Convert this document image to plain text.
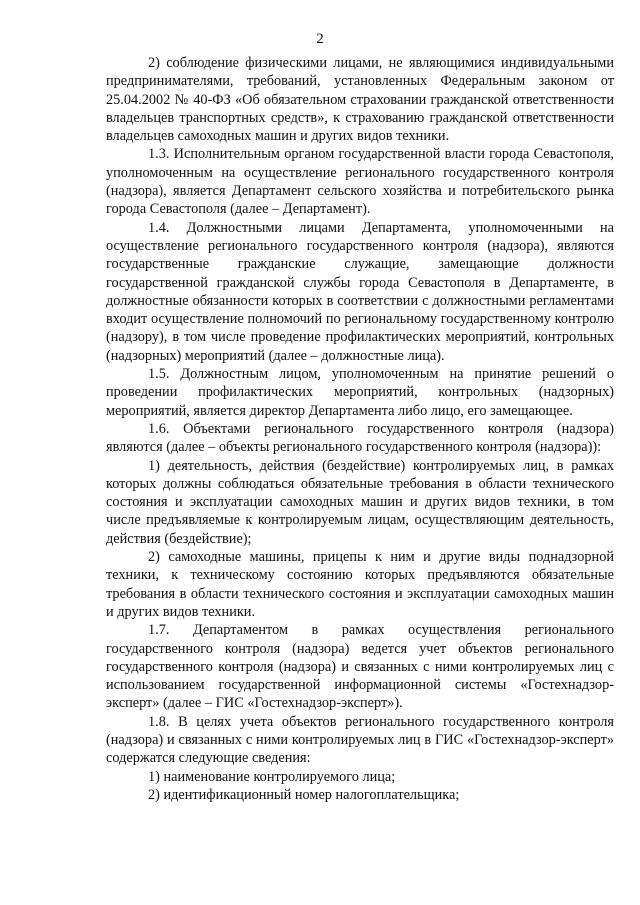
2

2) соблюдение физическими лицами, не являющимися индивидуальными предпринимателями, требований, установленных Федеральным законом от 25.04.2002 № 40-ФЗ «Об обязательном страховании гражданской ответственности владельцев транспортных средств», к страхованию гражданской ответственности владельцев самоходных машин и других видов техники.

1.3. Исполнительным органом государственной власти города Севастополя, уполномоченным на осуществление регионального государственного контроля (надзора), является Департамент сельского хозяйства и потребительского рынка города Севастополя (далее – Департамент).

1.4. Должностными лицами Департамента, уполномоченными на осуществление регионального государственного контроля (надзора), являются государственные гражданские служащие, замещающие должности государственной гражданской службы города Севастополя в Департаменте, в должностные обязанности которых в соответствии с должностными регламентами входит осуществление полномочий по региональному государственному контролю (надзору), в том числе проведение профилактических мероприятий, контрольных (надзорных) мероприятий (далее – должностные лица).

1.5. Должностным лицом, уполномоченным на принятие решений о проведении профилактических мероприятий, контрольных (надзорных) мероприятий, является директор Департамента либо лицо, его замещающее.

1.6. Объектами регионального государственного контроля (надзора) являются (далее – объекты регионального государственного контроля (надзора)):

1) деятельность, действия (бездействие) контролируемых лиц, в рамках которых должны соблюдаться обязательные требования в области технического состояния и эксплуатации самоходных машин и других видов техники, в том числе предъявляемые к контролируемым лицам, осуществляющим деятельность, действия (бездействие);

2) самоходные машины, прицепы к ним и другие виды поднадзорной техники, к техническому состоянию которых предъявляются обязательные требования в области технического состояния и эксплуатации самоходных машин и других видов техники.

1.7. Департаментом в рамках осуществления регионального государственного контроля (надзора) ведется учет объектов регионального государственного контроля (надзора) и связанных с ними контролируемых лиц с использованием государственной информационной системы «Гостехнадзор-эксперт» (далее – ГИС «Гостехнадзор-эксперт»).

1.8. В целях учета объектов регионального государственного контроля (надзора) и связанных с ними контролируемых лиц в ГИС «Гостехнадзор-эксперт» содержатся следующие сведения:

1) наименование контролируемого лица;

2) идентификационный номер налогоплательщика;
